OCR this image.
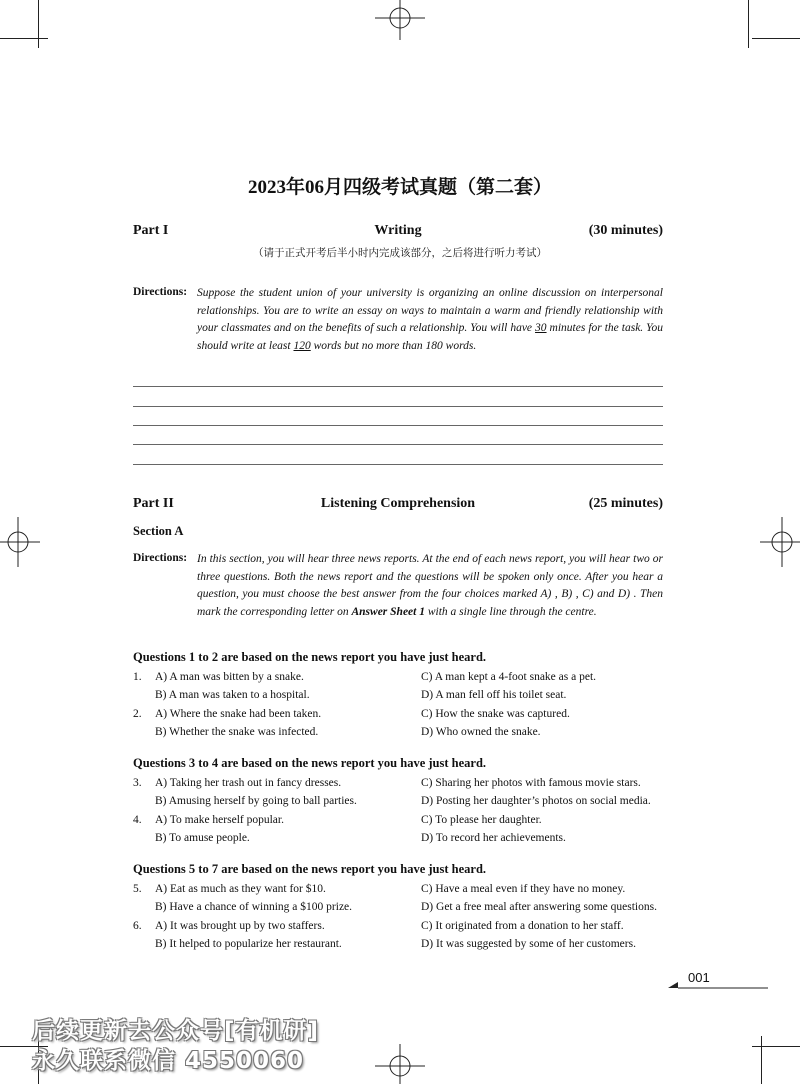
2023年06月四级考试真题（第二套）
Part I	Writing	(30 minutes)
（请于正式开考后半小时内完成该部分，之后将进行听力考试）
Directions: Suppose the student union of your university is organizing an online discussion on interpersonal relationships. You are to write an essay on ways to maintain a warm and friendly relationship with your classmates and on the benefits of such a relationship. You will have 30 minutes for the task. You should write at least 120 words but no more than 180 words.
Part II	Listening Comprehension	(25 minutes)
Section A
Directions: In this section, you will hear three news reports. At the end of each news report, you will hear two or three questions. Both the news report and the questions will be spoken only once. After you hear a question, you must choose the best answer from the four choices marked A) , B) , C) and D) . Then mark the corresponding letter on Answer Sheet 1 with a single line through the centre.
Questions 1 to 2 are based on the news report you have just heard.
1. A) A man was bitten by a snake.	C) A man kept a 4-foot snake as a pet.
B) A man was taken to a hospital.	D) A man fell off his toilet seat.
2. A) Where the snake had been taken.	C) How the snake was captured.
B) Whether the snake was infected.	D) Who owned the snake.
Questions 3 to 4 are based on the news report you have just heard.
3. A) Taking her trash out in fancy dresses.	C) Sharing her photos with famous movie stars.
B) Amusing herself by going to ball parties.	D) Posting her daughter’s photos on social media.
4. A) To make herself popular.	C) To please her daughter.
B) To amuse people.	D) To record her achievements.
Questions 5 to 7 are based on the news report you have just heard.
5. A) Eat as much as they want for $10.	C) Have a meal even if they have no money.
B) Have a chance of winning a $100 prize.	D) Get a free meal after answering some questions.
6. A) It was brought up by two staffers.	C) It originated from a donation to her staff.
B) It helped to popularize her restaurant.	D) It was suggested by some of her customers.
001
后续更新去公众号[有机研]
永久联系微信 4550060
